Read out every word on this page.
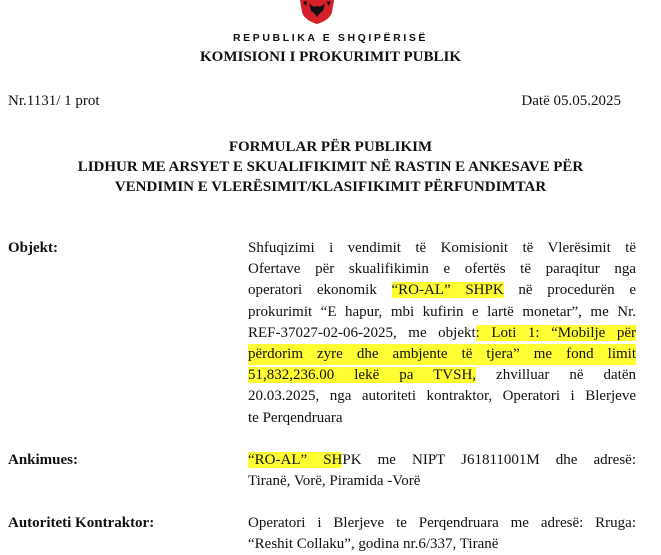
REPUBLIKA E SHQIPËRISË
KOMISIONI I PROKURIMIT PUBLIK
Nr.1131/ 1 prot	Datë 05.05.2025
FORMULAR PËR PUBLIKIM
LIDHUR ME ARSYET E SKUALIFIKIMIT NË RASTIN E ANKESAVE PËR
VENDIMIN E VLERËSIMIT/KLASIFIKIMIT PËRFUNDIMTAR
Objekt:	Shfuqizimi i vendimit të Komisionit të Vlerësimit të
Ofertave për skualifikimin e ofertës të paraqitur nga
operatori ekonomik “RO-AL” SHPK në procedurën e
prokurimit “E hapur, mbi kufirin e lartë monetar”, me Nr.
REF-37027-02-06-2025, me objekt: Loti 1: “Mobilje për
përdorim zyre dhe ambjente të tjera” me fond limit
51,832,236.00 lekë pa TVSH, zhvilluar në datën
20.03.2025, nga autoriteti kontraktor, Operatori i Blerjeve
te Perqendruara
Ankimues:	“RO-AL” SHPK me NIPT J61811001M dhe adresë:
Tiranë, Vorë, Piramida -Vorë
Autoriteti Kontraktor:	Operatori i Blerjeve te Perqendruara me adresë: Rruga:
“Reshit Collaku”, godina nr.6/337, Tiranë
